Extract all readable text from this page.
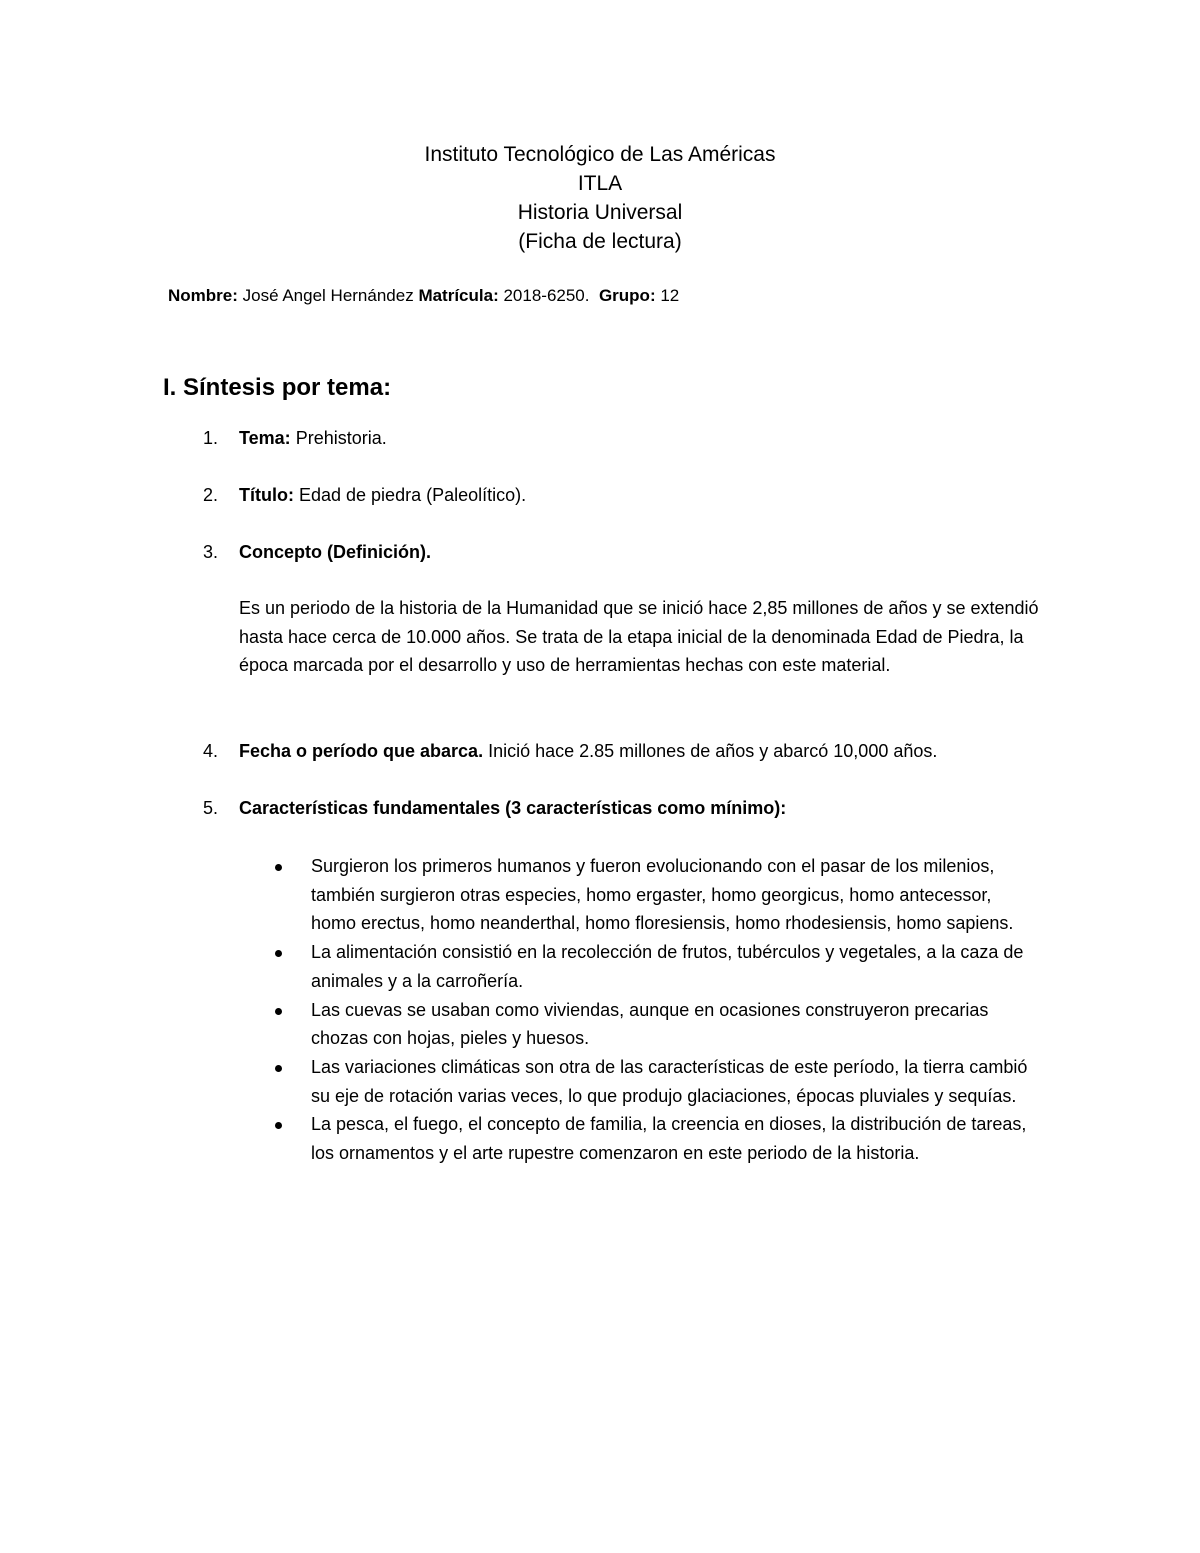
Instituto Tecnológico de Las Américas
ITLA
Historia Universal
(Ficha de lectura)
Nombre: José Angel Hernández Matrícula: 2018-6250. Grupo: 12
I. Síntesis por tema:
1. Tema: Prehistoria.
2. Título: Edad de piedra (Paleolítico).
3. Concepto (Definición).
Es un periodo de la historia de la Humanidad que se inició hace 2,85 millones de años y se extendió hasta hace cerca de 10.000 años. Se trata de la etapa inicial de la denominada Edad de Piedra, la época marcada por el desarrollo y uso de herramientas hechas con este material.
4. Fecha o período que abarca. Inició hace 2.85 millones de años y abarcó 10,000 años.
5. Características fundamentales (3 características como mínimo):
Surgieron los primeros humanos y fueron evolucionando con el pasar de los milenios, también surgieron otras especies, homo ergaster, homo georgicus, homo antecessor, homo erectus, homo neanderthal, homo floresiensis, homo rhodesiensis, homo sapiens.
La alimentación consistió en la recolección de frutos, tubérculos y vegetales, a la caza de animales y a la carroñería.
Las cuevas se usaban como viviendas, aunque en ocasiones construyeron precarias chozas con hojas, pieles y huesos.
Las variaciones climáticas son otra de las características de este período, la tierra cambió su eje de rotación varias veces, lo que produjo glaciaciones, épocas pluviales y sequías.
La pesca, el fuego, el concepto de familia, la creencia en dioses, la distribución de tareas, los ornamentos y el arte rupestre comenzaron en este periodo de la historia.
